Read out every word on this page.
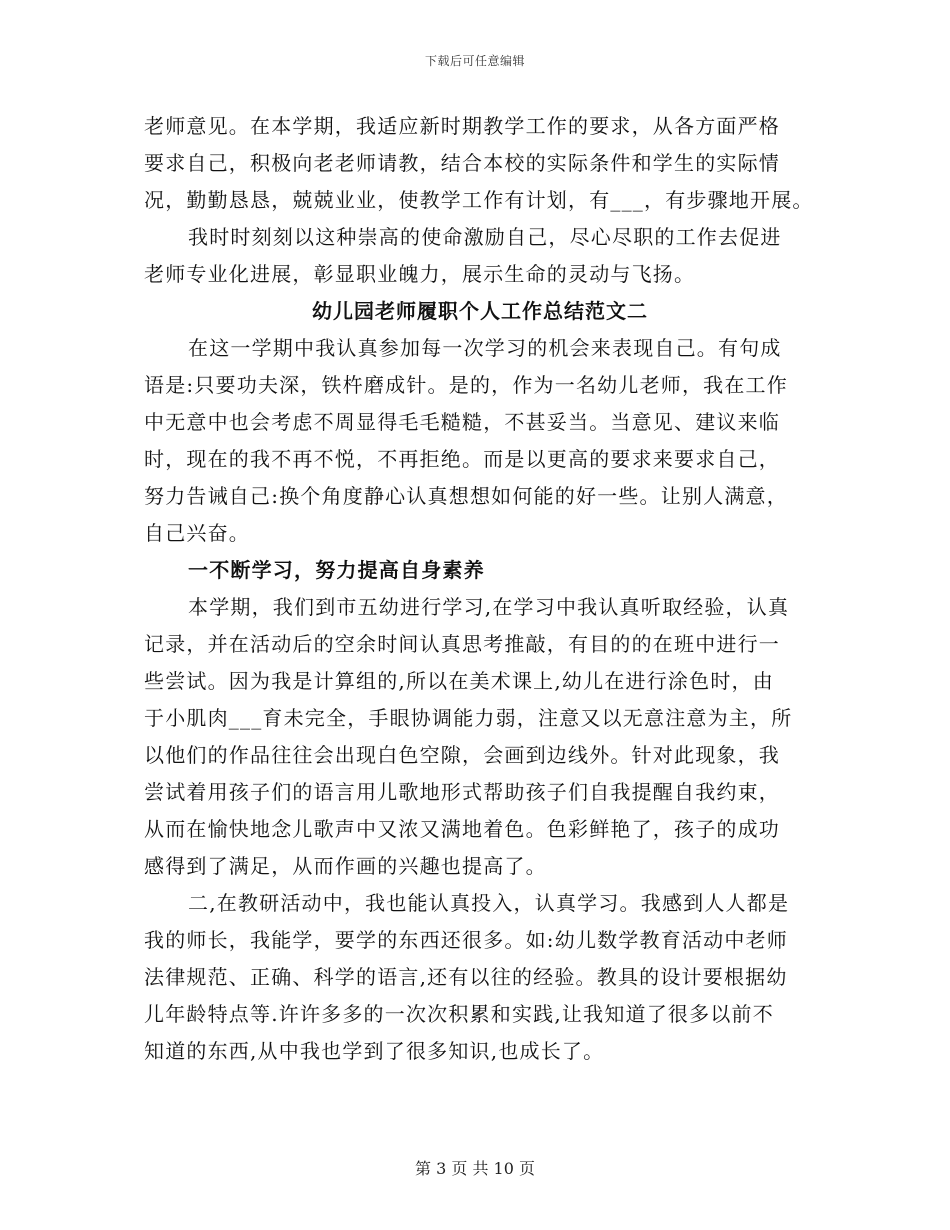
下载后可任意编辑
老师意见。在本学期，我适应新时期教学工作的要求，从各方面严格
要求自己，积极向老老师请教，结合本校的实际条件和学生的实际情
况，勤勤恳恳，兢兢业业，使教学工作有计划，有___，有步骤地开展。
我时时刻刻以这种崇高的使命激励自己，尽心尽职的工作去促进
老师专业化进展，彰显职业魄力，展示生命的灵动与飞扬。
幼儿园老师履职个人工作总结范文二
在这一学期中我认真参加每一次学习的机会来表现自己。有句成
语是:只要功夫深，铁杵磨成针。是的，作为一名幼儿老师，我在工作
中无意中也会考虑不周显得毛毛糙糙，不甚妥当。当意见、建议来临
时，现在的我不再不悦，不再拒绝。而是以更高的要求来要求自己，
努力告诫自己:换个角度静心认真想想如何能的好一些。让别人满意，
自己兴奋。
一不断学习，努力提高自身素养
本学期，我们到市五幼进行学习,在学习中我认真听取经验，认真
记录，并在活动后的空余时间认真思考推敲，有目的的在班中进行一
些尝试。因为我是计算组的,所以在美术课上,幼儿在进行涂色时，由
于小肌肉___育未完全，手眼协调能力弱，注意又以无意注意为主，所
以他们的作品往往会出现白色空隙，会画到边线外。针对此现象，我
尝试着用孩子们的语言用儿歌地形式帮助孩子们自我提醒自我约束，
从而在愉快地念儿歌声中又浓又满地着色。色彩鲜艳了，孩子的成功
感得到了满足，从而作画的兴趣也提高了。
二,在教研活动中，我也能认真投入，认真学习。我感到人人都是
我的师长，我能学，要学的东西还很多。如:幼儿数学教育活动中老师
法律规范、正确、科学的语言,还有以往的经验。教具的设计要根据幼
儿年龄特点等.许许多多的一次次积累和实践,让我知道了很多以前不
知道的东西,从中我也学到了很多知识,也成长了。
第 3 页 共 10 页
